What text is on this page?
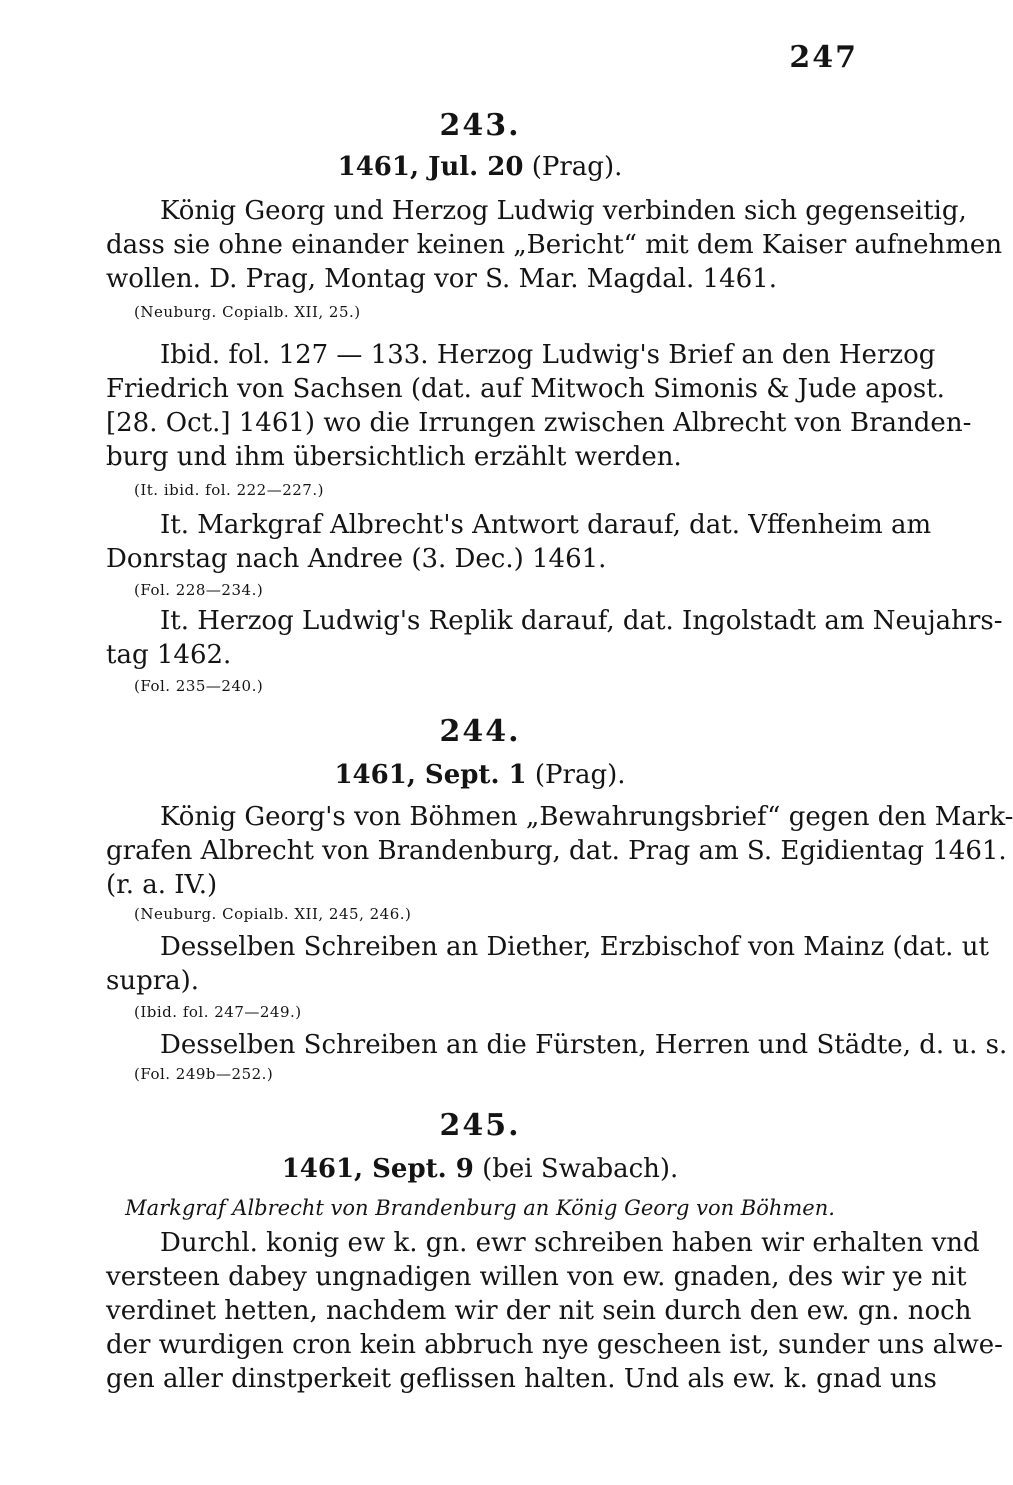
247
243.
1461, Jul. 20 (Prag).

König Georg und Herzog Ludwig verbinden sich gegenseitig,

dass sie ohne einander keinen „Bericht“ mit dem Kaiser aufnehmen

wollen. D. Prag, Montag vor S. Mar. Magdal. 1461.

(Neuburg. Copialb. XII, 25.)

Ibid. fol. 127 — 133. Herzog Ludwig's Brief an den Herzog

Friedrich von Sachsen (dat. auf Mitwoch Simonis & Jude apost.

[28. Oct.] 1461) wo die Irrungen zwischen Albrecht von Branden-

burg und ihm übersichtlich erzählt werden.

(It. ibid. fol. 222—227.)

It. Markgraf Albrecht's Antwort darauf, dat. Vffenheim am

Donrstag nach Andree (3. Dec.) 1461.

(Fol. 228—234.)

It. Herzog Ludwig's Replik darauf, dat. Ingolstadt am Neujahrs-

tag 1462.

(Fol. 235—240.)
244.
1461, Sept. 1 (Prag).

König Georg's von Böhmen „Bewahrungsbrief“ gegen den Mark-

grafen Albrecht von Brandenburg, dat. Prag am S. Egidientag 1461.

(r. a. IV.)

(Neuburg. Copialb. XII, 245, 246.)

Desselben Schreiben an Diether, Erzbischof von Mainz (dat. ut

supra).

(Ibid. fol. 247—249.)

Desselben Schreiben an die Fürsten, Herren und Städte, d. u. s.

(Fol. 249b—252.)
245.
1461, Sept. 9 (bei Swabach).
Markgraf Albrecht von Brandenburg an König Georg von Böhmen.

Durchl. konig ew k. gn. ewr schreiben haben wir erhalten vnd

versteen dabey ungnadigen willen von ew. gnaden, des wir ye nit

verdinet hetten, nachdem wir der nit sein durch den ew. gn. noch

der wurdigen cron kein abbruch nye gescheen ist, sunder uns alwe-

gen aller dinstperkeit geflissen halten. Und als ew. k. gnad uns
